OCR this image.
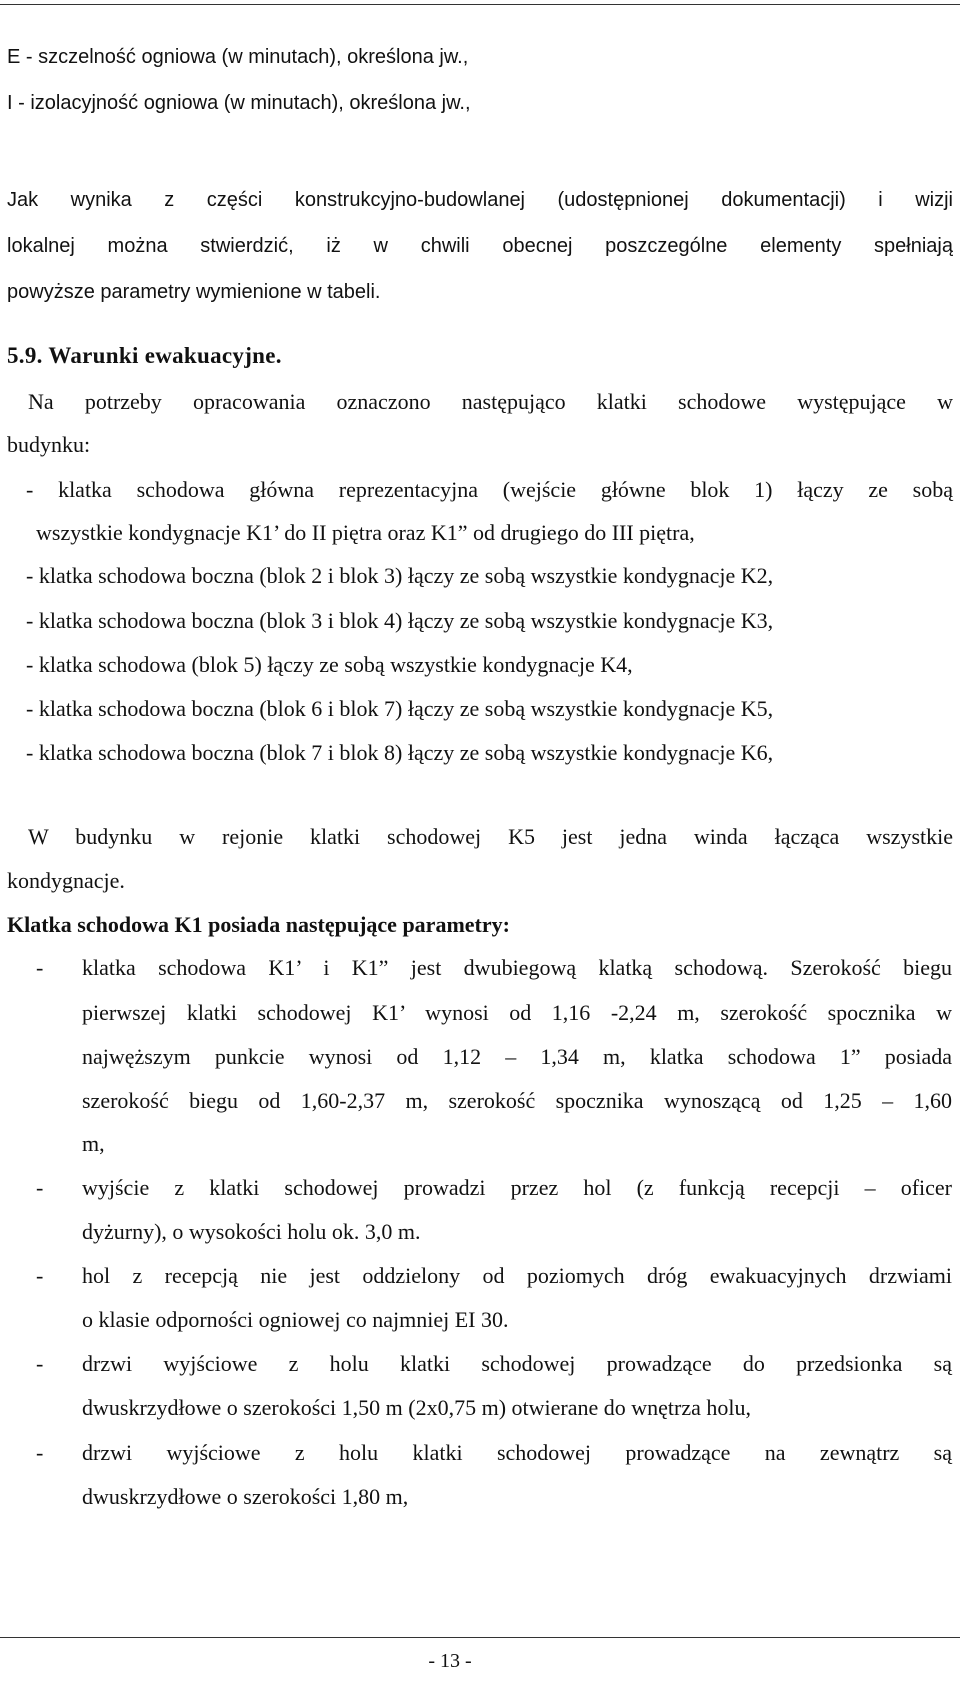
E - szczelność ogniowa (w minutach), określona jw.,
I - izolacyjność ogniowa (w minutach), określona jw.,
Jak wynika z części konstrukcyjno-budowlanej (udostępnionej dokumentacji) i wizji
lokalnej można stwierdzić, iż w chwili obecnej poszczególne elementy spełniają
powyższe parametry wymienione w tabeli.
5.9. Warunki ewakuacyjne.
Na potrzeby opracowania oznaczono następująco klatki schodowe występujące w
budynku:
- klatka schodowa główna reprezentacyjna (wejście główne blok 1) łączy ze sobą
wszystkie kondygnacje K1’ do II piętra oraz K1” od drugiego do III piętra,
- klatka schodowa boczna (blok 2 i blok 3) łączy ze sobą wszystkie kondygnacje K2,
- klatka schodowa boczna (blok 3 i blok 4) łączy ze sobą wszystkie kondygnacje K3,
- klatka schodowa (blok 5) łączy ze sobą wszystkie kondygnacje K4,
- klatka schodowa boczna (blok 6 i blok 7) łączy ze sobą wszystkie kondygnacje K5,
- klatka schodowa boczna (blok 7 i blok 8) łączy ze sobą wszystkie kondygnacje K6,
W budynku w rejonie klatki schodowej K5 jest jedna winda łącząca wszystkie
kondygnacje.
Klatka schodowa K1 posiada następujące parametry:
- klatka schodowa K1’ i K1” jest dwubiegową klatką schodową. Szerokość biegu
pierwszej klatki schodowej K1’ wynosi od 1,16 -2,24 m, szerokość spocznika w
najwęższym punkcie wynosi od 1,12 – 1,34 m, klatka schodowa 1” posiada
szerokość biegu od 1,60-2,37 m, szerokość spocznika wynoszącą od 1,25 – 1,60
m,
- wyjście z klatki schodowej prowadzi przez hol (z funkcją recepcji – oficer
dyżurny), o wysokości holu ok. 3,0 m.
- hol z recepcją nie jest oddzielony od poziomych dróg ewakuacyjnych drzwiami
o klasie odporności ogniowej co najmniej EI 30.
- drzwi wyjściowe z holu klatki schodowej prowadzące do przedsionka są
dwuskrzydłowe o szerokości 1,50 m (2x0,75 m) otwierane do wnętrza holu,
- drzwi wyjściowe z holu klatki schodowej prowadzące na zewnątrz są
dwuskrzydłowe o szerokości 1,80 m,
- 13 -
